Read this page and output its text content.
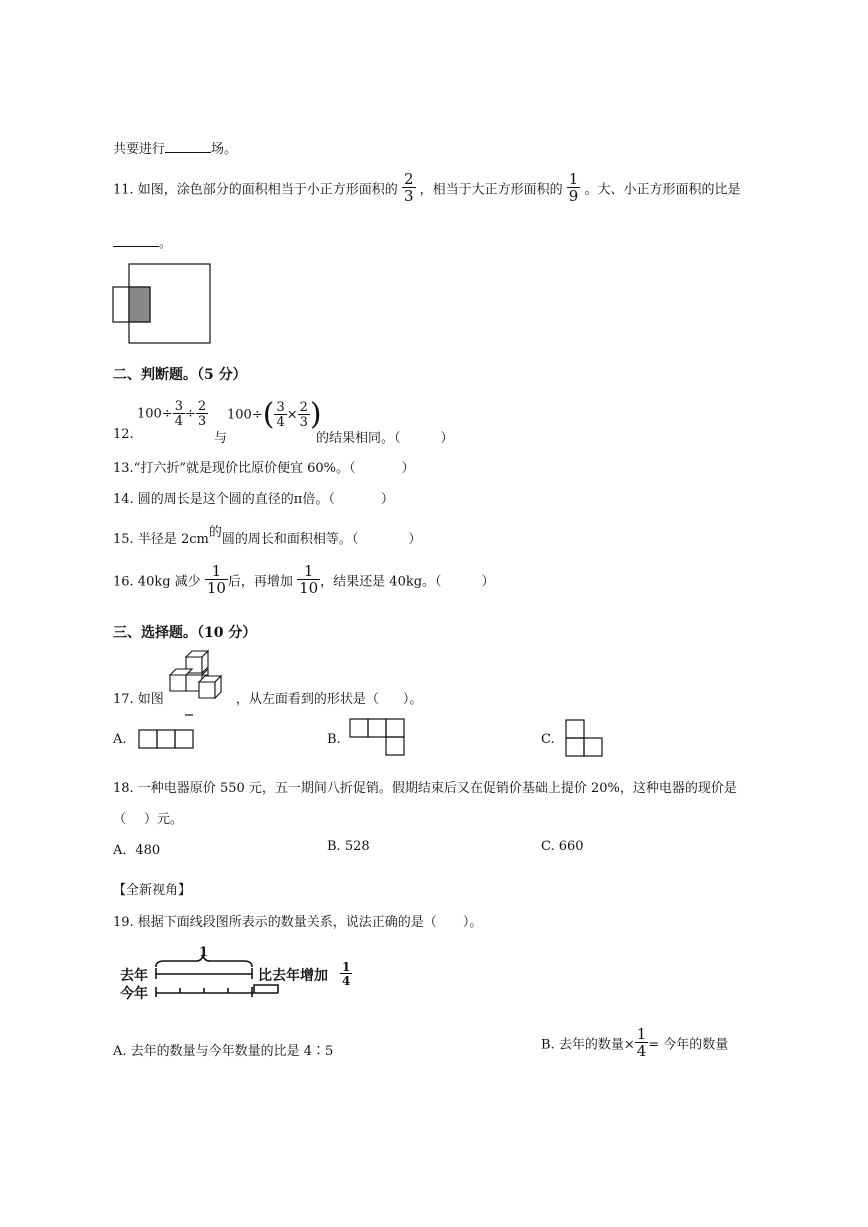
共要进行	场。
11. 如图，涂色部分的面积相当于小正方形面积的 $\frac{2}{3}$ ，相当于大正方形面积的 $\frac{1}{9}$ 。大、小正方形面积的比是
。
二、判断题。（5 分）
12.
$100\div \frac{3}{4} \div \frac{2}{3}$
与
$100\div( \frac{3}{4} \times \frac{2}{3}$ )
的结果相同。（	）
13.“打六折”就是现价比原价便宜 60%。（	）
14. 圆的周长是这个圆的直径的π倍。（	）
15. 半径是 2cm的圆的周长和面积相等。（	）
16. 40kg 减少 $\frac{1}{10}$ 后，再增加 $\frac{1}{10}$ ，结果还是 40kg。（	）
三、选择题。（10 分）
17. 如图	，从左面看到的形状是（ ）。
A.	B.	C.
18. 一种电器原价 550 元，五一期间八折促销。假期结束后又在促销价基础上提价 20%，这种电器的现价是
（ ）元。
A．480	B. 528	C. 660
【全新视角】
19. 根据下面线段图所表示的数量关系，说法正确的是（ ）。
去年
今年
1
比去年增加 $\frac{1}{4}$
A. 去年的数量与今年数量的比是 4∶5	B. 去年的数量× $\frac{1}{4}$ = 今年的数量
